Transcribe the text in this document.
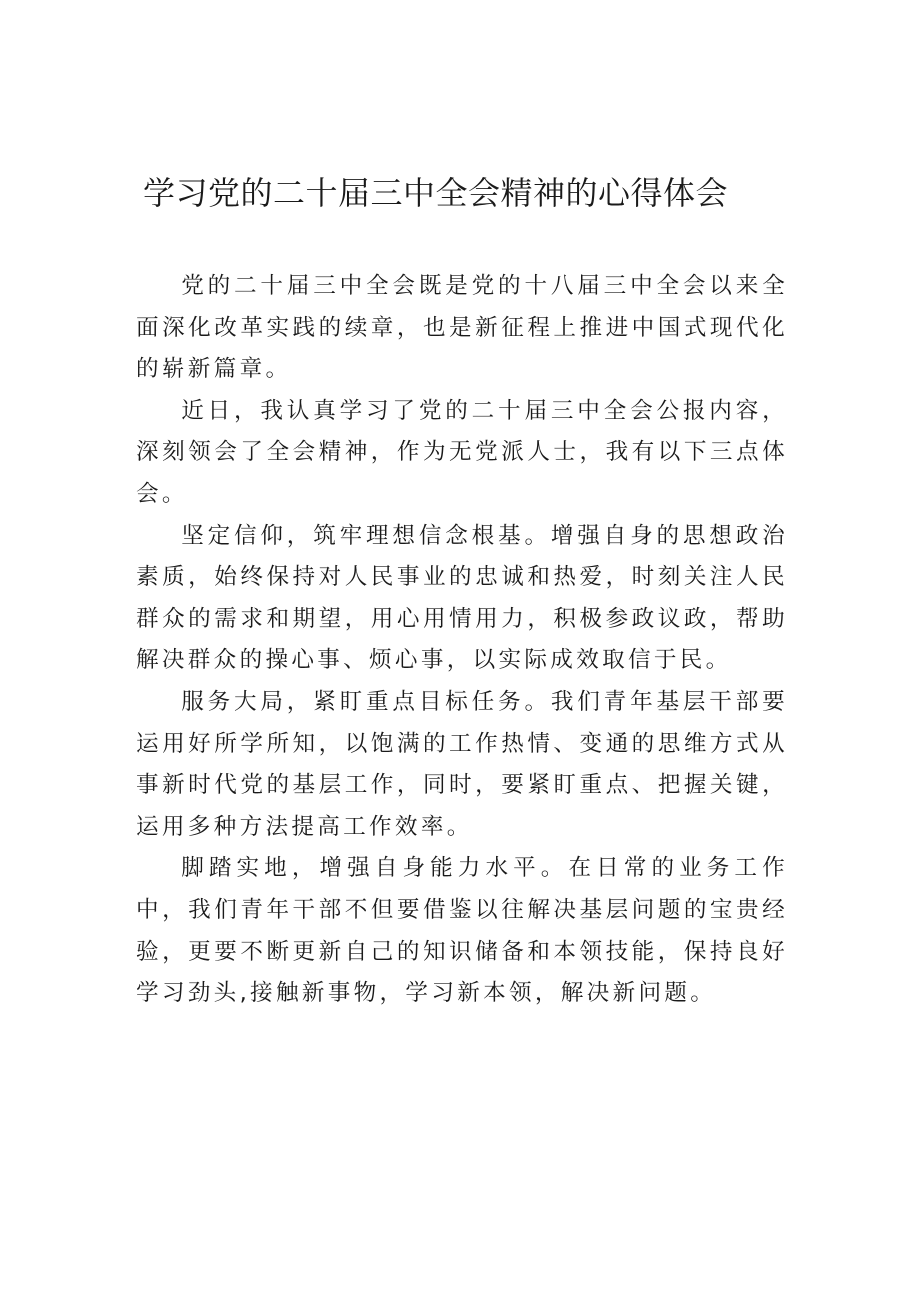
学习党的二十届三中全会精神的心得体会

党的二十届三中全会既是党的十八届三中全会以来全面深化改革实践的续章，也是新征程上推进中国式现代化的崭新篇章。

近日，我认真学习了党的二十届三中全会公报内容，深刻领会了全会精神，作为无党派人士，我有以下三点体会。

坚定信仰，筑牢理想信念根基。增强自身的思想政治素质，始终保持对人民事业的忠诚和热爱，时刻关注人民群众的需求和期望，用心用情用力，积极参政议政，帮助解决群众的操心事、烦心事，以实际成效取信于民。

服务大局，紧盯重点目标任务。我们青年基层干部要运用好所学所知，以饱满的工作热情、变通的思维方式从事新时代党的基层工作，同时，要紧盯重点、把握关键，运用多种方法提高工作效率。

脚踏实地，增强自身能力水平。在日常的业务工作中，我们青年干部不但要借鉴以往解决基层问题的宝贵经验，更要不断更新自己的知识储备和本领技能，保持良好学习劲头,接触新事物，学习新本领，解决新问题。
